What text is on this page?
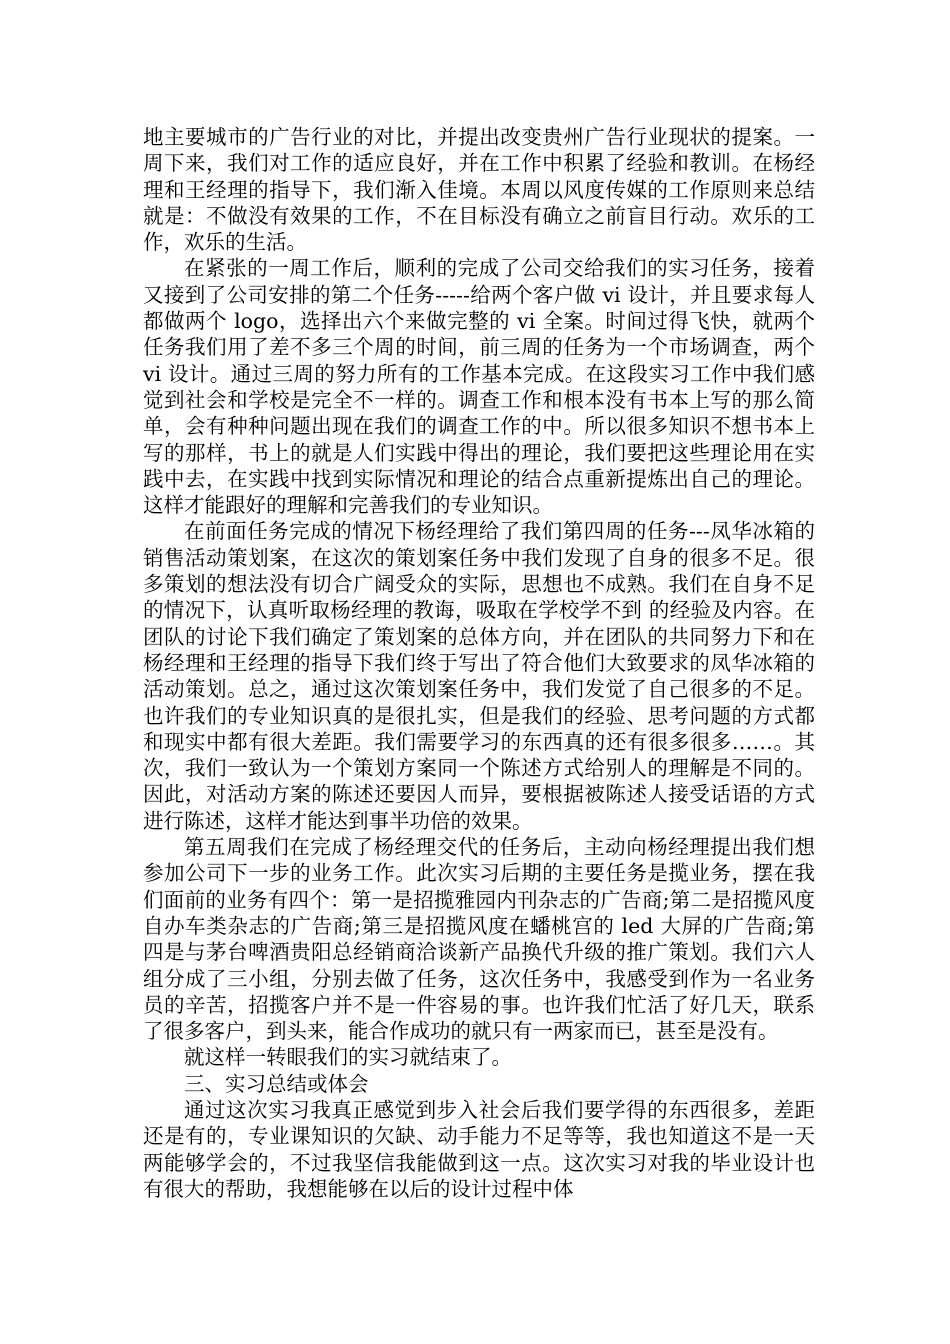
地主要城市的广告行业的对比，并提出改变贵州广告行业现状的提案。一周下来，我们对工作的适应良好，并在工作中积累了经验和教训。在杨经理和王经理的指导下，我们渐入佳境。本周以风度传媒的工作原则来总结就是：不做没有效果的工作，不在目标没有确立之前盲目行动。欢乐的工作，欢乐的生活。

在紧张的一周工作后，顺利的完成了公司交给我们的实习任务，接着又接到了公司安排的第二个任务-----给两个客户做 vi 设计，并且要求每人都做两个 logo，选择出六个来做完整的 vi 全案。时间过得飞快，就两个任务我们用了差不多三个周的时间，前三周的任务为一个市场调查，两个 vi 设计。通过三周的努力所有的工作基本完成。在这段实习工作中我们感觉到社会和学校是完全不一样的。调查工作和根本没有书本上写的那么简单，会有种种问题出现在我们的调查工作的中。所以很多知识不想书本上写的那样，书上的就是人们实践中得出的理论，我们要把这些理论用在实践中去，在实践中找到实际情况和理论的结合点重新提炼出自己的理论。这样才能跟好的理解和完善我们的专业知识。

在前面任务完成的情况下杨经理给了我们第四周的任务---凤华冰箱的销售活动策划案，在这次的策划案任务中我们发现了自身的很多不足。很多策划的想法没有切合广阔受众的实际，思想也不成熟。我们在自身不足的情况下，认真听取杨经理的教诲，吸取在学校学不到 的经验及内容。在团队的讨论下我们确定了策划案的总体方向，并在团队的共同努力下和在杨经理和王经理的指导下我们终于写出了符合他们大致要求的凤华冰箱的活动策划。总之，通过这次策划案任务中，我们发觉了自己很多的不足。也许我们的专业知识真的是很扎实，但是我们的经验、思考问题的方式都和现实中都有很大差距。我们需要学习的东西真的还有很多很多……。其次，我们一致认为一个策划方案同一个陈述方式给别人的理解是不同的。因此，对活动方案的陈述还要因人而异，要根据被陈述人接受话语的方式进行陈述，这样才能达到事半功倍的效果。

第五周我们在完成了杨经理交代的任务后，主动向杨经理提出我们想参加公司下一步的业务工作。此次实习后期的主要任务是揽业务，摆在我们面前的业务有四个：第一是招揽雅园内刊杂志的广告商;第二是招揽风度自办车类杂志的广告商;第三是招揽风度在蟠桃宫的 led 大屏的广告商;第四是与茅台啤酒贵阳总经销商洽谈新产品换代升级的推广策划。我们六人组分成了三小组，分别去做了任务，这次任务中，我感受到作为一名业务员的辛苦，招揽客户并不是一件容易的事。也许我们忙活了好几天，联系了很多客户，到头来，能合作成功的就只有一两家而已，甚至是没有。

就这样一转眼我们的实习就结束了。

三、实习总结或体会

通过这次实习我真正感觉到步入社会后我们要学得的东西很多，差距还是有的，专业课知识的欠缺、动手能力不足等等，我也知道这不是一天两能够学会的，不过我坚信我能做到这一点。这次实习对我的毕业设计也有很大的帮助，我想能够在以后的设计过程中体
